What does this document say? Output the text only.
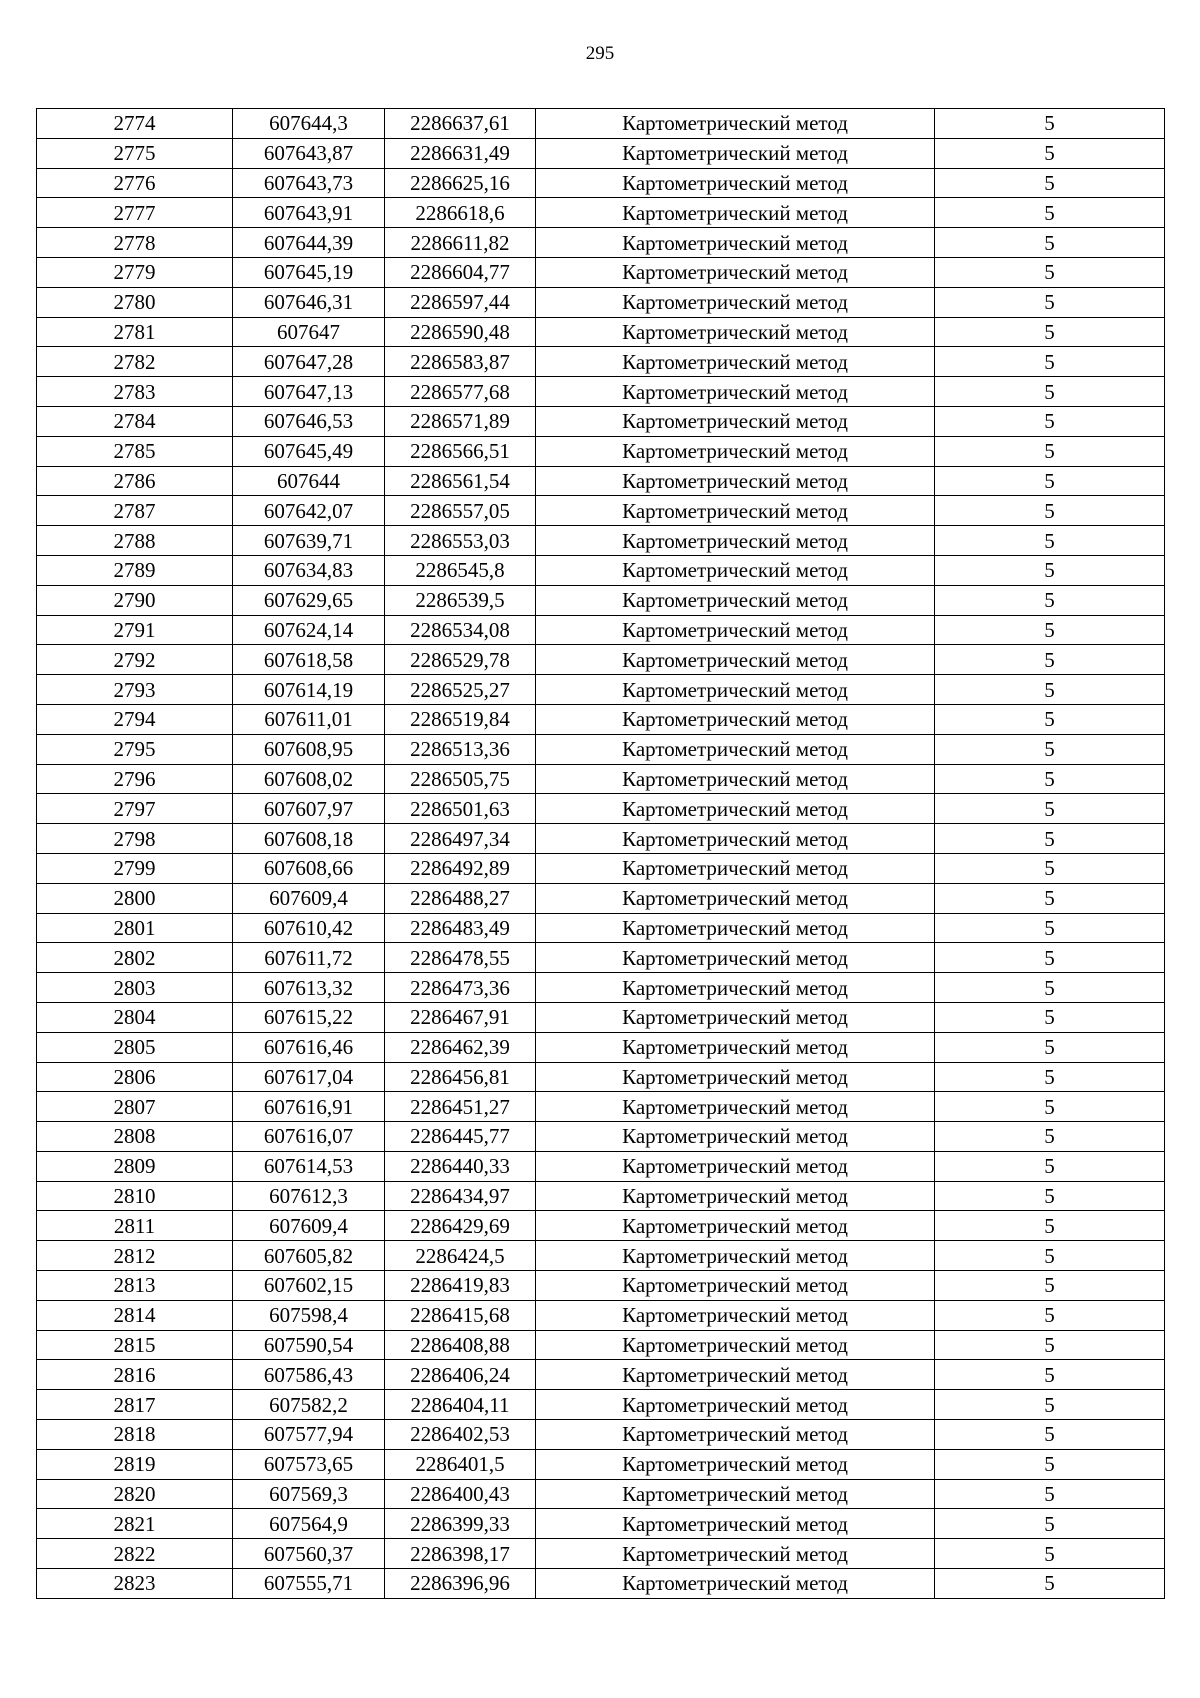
295
2774	607644,3	2286637,61	Картометрический метод	5
2775	607643,87	2286631,49	Картометрический метод	5
2776	607643,73	2286625,16	Картометрический метод	5
2777	607643,91	2286618,6	Картометрический метод	5
2778	607644,39	2286611,82	Картометрический метод	5
2779	607645,19	2286604,77	Картометрический метод	5
2780	607646,31	2286597,44	Картометрический метод	5
2781	607647	2286590,48	Картометрический метод	5
2782	607647,28	2286583,87	Картометрический метод	5
2783	607647,13	2286577,68	Картометрический метод	5
2784	607646,53	2286571,89	Картометрический метод	5
2785	607645,49	2286566,51	Картометрический метод	5
2786	607644	2286561,54	Картометрический метод	5
2787	607642,07	2286557,05	Картометрический метод	5
2788	607639,71	2286553,03	Картометрический метод	5
2789	607634,83	2286545,8	Картометрический метод	5
2790	607629,65	2286539,5	Картометрический метод	5
2791	607624,14	2286534,08	Картометрический метод	5
2792	607618,58	2286529,78	Картометрический метод	5
2793	607614,19	2286525,27	Картометрический метод	5
2794	607611,01	2286519,84	Картометрический метод	5
2795	607608,95	2286513,36	Картометрический метод	5
2796	607608,02	2286505,75	Картометрический метод	5
2797	607607,97	2286501,63	Картометрический метод	5
2798	607608,18	2286497,34	Картометрический метод	5
2799	607608,66	2286492,89	Картометрический метод	5
2800	607609,4	2286488,27	Картометрический метод	5
2801	607610,42	2286483,49	Картометрический метод	5
2802	607611,72	2286478,55	Картометрический метод	5
2803	607613,32	2286473,36	Картометрический метод	5
2804	607615,22	2286467,91	Картометрический метод	5
2805	607616,46	2286462,39	Картометрический метод	5
2806	607617,04	2286456,81	Картометрический метод	5
2807	607616,91	2286451,27	Картометрический метод	5
2808	607616,07	2286445,77	Картометрический метод	5
2809	607614,53	2286440,33	Картометрический метод	5
2810	607612,3	2286434,97	Картометрический метод	5
2811	607609,4	2286429,69	Картометрический метод	5
2812	607605,82	2286424,5	Картометрический метод	5
2813	607602,15	2286419,83	Картометрический метод	5
2814	607598,4	2286415,68	Картометрический метод	5
2815	607590,54	2286408,88	Картометрический метод	5
2816	607586,43	2286406,24	Картометрический метод	5
2817	607582,2	2286404,11	Картометрический метод	5
2818	607577,94	2286402,53	Картометрический метод	5
2819	607573,65	2286401,5	Картометрический метод	5
2820	607569,3	2286400,43	Картометрический метод	5
2821	607564,9	2286399,33	Картометрический метод	5
2822	607560,37	2286398,17	Картометрический метод	5
2823	607555,71	2286396,96	Картометрический метод	5
